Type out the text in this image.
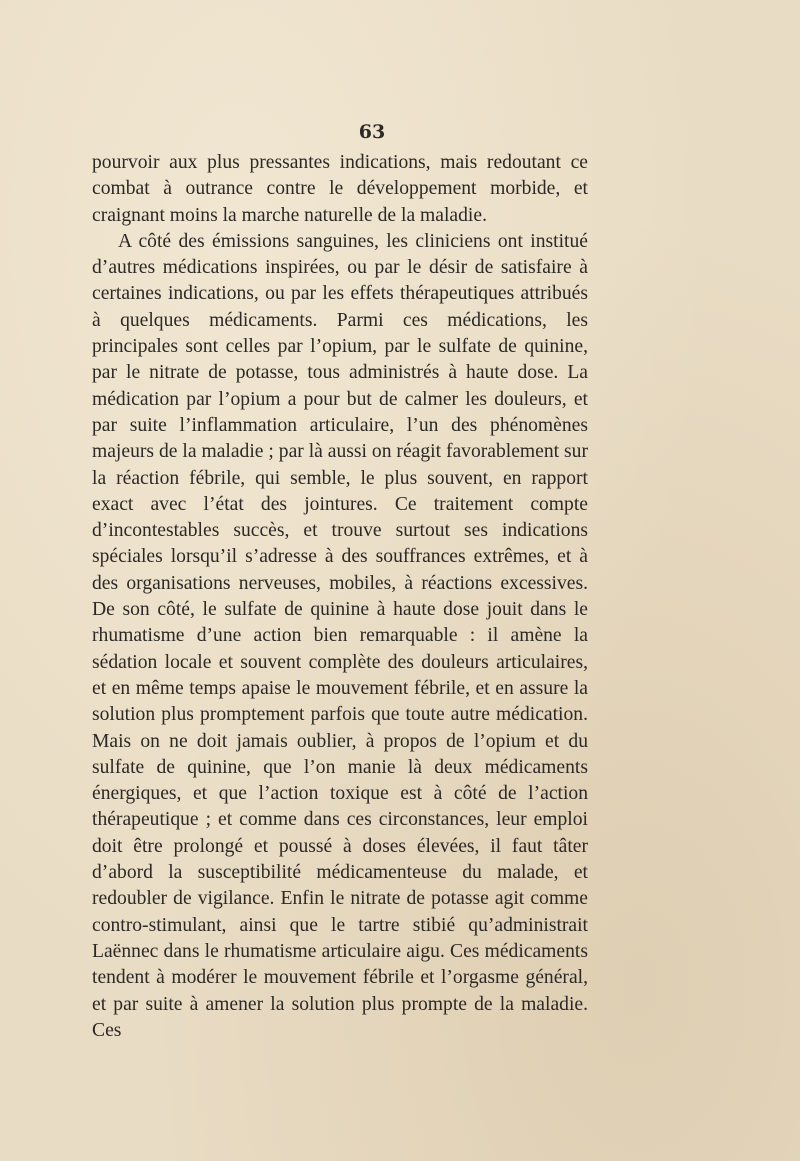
63

pourvoir aux plus pressantes indications, mais redoutant ce combat à outrance contre le développement morbide, et craignant moins la marche naturelle de la maladie.

A côté des émissions sanguines, les cliniciens ont institué d’autres médications inspirées, ou par le désir de satisfaire à certaines indications, ou par les effets thérapeutiques attribués à quelques médicaments. Parmi ces médications, les principales sont celles par l’opium, par le sulfate de quinine, par le nitrate de potasse, tous administrés à haute dose. La médication par l’opium a pour but de calmer les douleurs, et par suite l’inflammation articulaire, l’un des phénomènes majeurs de la maladie ; par là aussi on réagit favorablement sur la réaction fébrile, qui semble, le plus souvent, en rapport exact avec l’état des jointures. Ce traitement compte d’incontestables succès, et trouve surtout ses indications spéciales lorsqu’il s’adresse à des souffrances extrêmes, et à des organisations nerveuses, mobiles, à réactions excessives. De son côté, le sulfate de quinine à haute dose jouit dans le rhumatisme d’une action bien remarquable : il amène la sédation locale et souvent complète des douleurs articulaires, et en même temps apaise le mouvement fébrile, et en assure la solution plus promptement parfois que toute autre médication. Mais on ne doit jamais oublier, à propos de l’opium et du sulfate de quinine, que l’on manie là deux médicaments énergiques, et que l’action toxique est à côté de l’action thérapeutique ; et comme dans ces circonstances, leur emploi doit être prolongé et poussé à doses élevées, il faut tâter d’abord la susceptibilité médicamenteuse du malade, et redoubler de vigilance. Enfin le nitrate de potasse agit comme contro-stimulant, ainsi que le tartre stibié qu’administrait Laënnec dans le rhumatisme articulaire aigu. Ces médicaments tendent à modérer le mouvement fébrile et l’orgasme général, et par suite à amener la solution plus prompte de la maladie. Ces
